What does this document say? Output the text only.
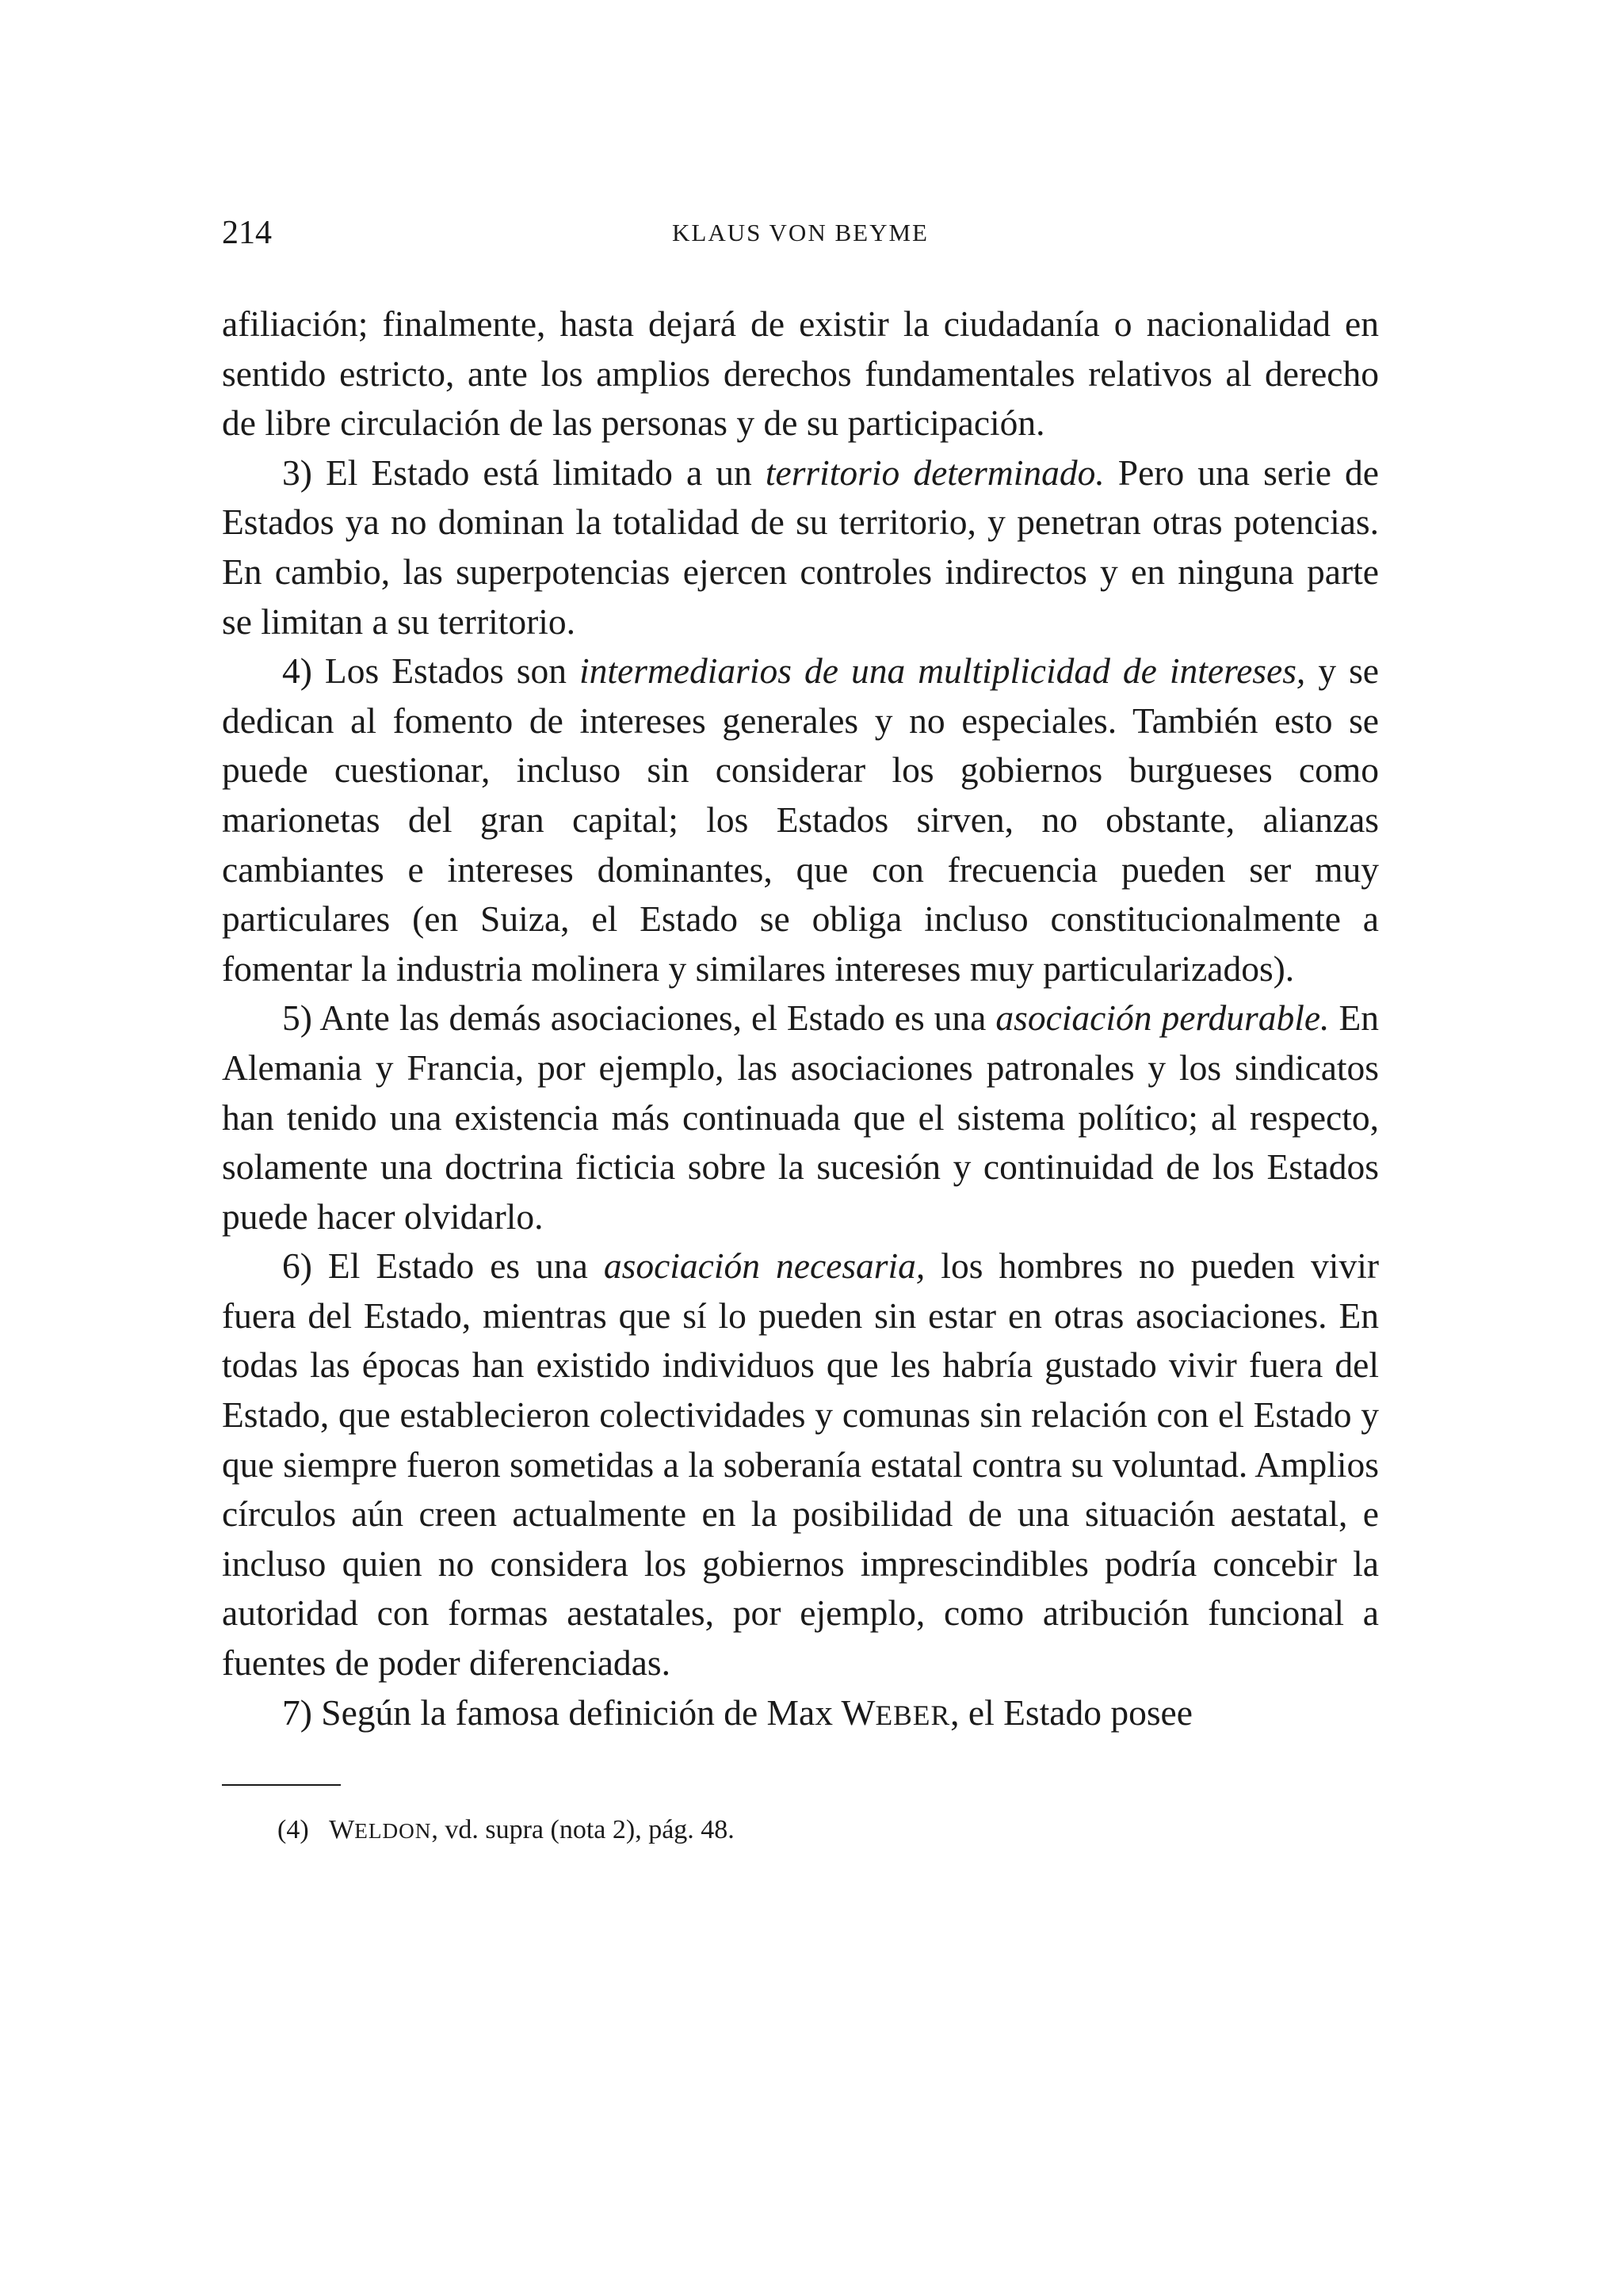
214	KLAUS VON BEYME

afiliación; finalmente, hasta dejará de existir la ciudadanía o nacionalidad en sentido estricto, ante los amplios derechos fundamentales relativos al derecho de libre circulación de las personas y de su participación.

3) El Estado está limitado a un territorio determinado. Pero una serie de Estados ya no dominan la totalidad de su territorio, y penetran otras potencias. En cambio, las superpotencias ejercen controles indirectos y en ninguna parte se limitan a su territorio.

4) Los Estados son intermediarios de una multiplicidad de intereses, y se dedican al fomento de intereses generales y no especiales. También esto se puede cuestionar, incluso sin considerar los gobiernos burgueses como marionetas del gran capital; los Estados sirven, no obstante, alianzas cambiantes e intereses dominantes, que con frecuencia pueden ser muy particulares (en Suiza, el Estado se obliga incluso constitucionalmente a fomentar la industria molinera y similares intereses muy particularizados).

5) Ante las demás asociaciones, el Estado es una asociación perdurable. En Alemania y Francia, por ejemplo, las asociaciones patronales y los sindicatos han tenido una existencia más continuada que el sistema político; al respecto, solamente una doctrina ficticia sobre la sucesión y continuidad de los Estados puede hacer olvidarlo.

6) El Estado es una asociación necesaria, los hombres no pueden vivir fuera del Estado, mientras que sí lo pueden sin estar en otras asociaciones. En todas las épocas han existido individuos que les habría gustado vivir fuera del Estado, que establecieron colectividades y comunas sin relación con el Estado y que siempre fueron sometidas a la soberanía estatal contra su voluntad. Amplios círculos aún creen actualmente en la posibilidad de una situación aestatal, e incluso quien no considera los gobiernos imprescindibles podría concebir la autoridad con formas aestatales, por ejemplo, como atribución funcional a fuentes de poder diferenciadas.

7) Según la famosa definición de Max WEBER, el Estado posee

(4) WELDON, vd. supra (nota 2), pág. 48.
